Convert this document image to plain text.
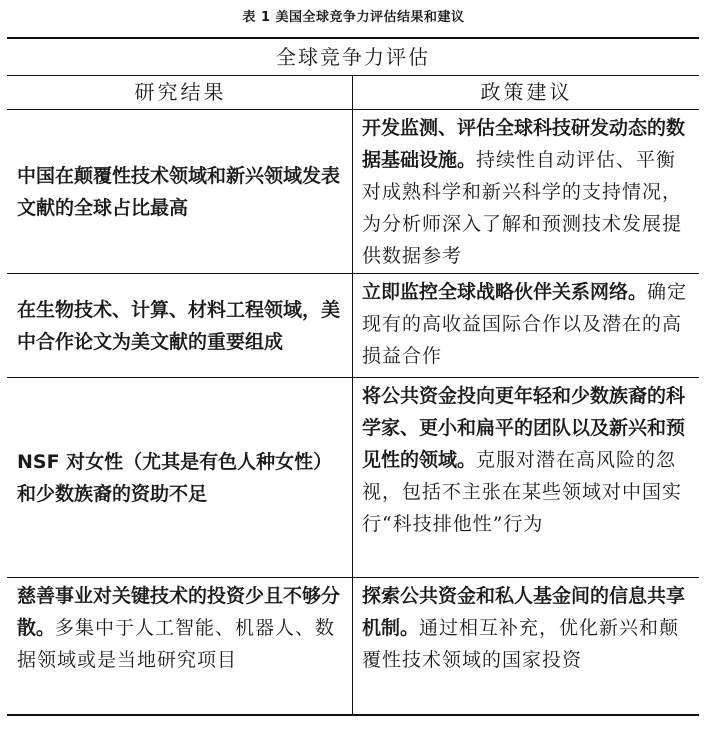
表 1 美国全球竞争力评估结果和建议
全球竞争力评估
研究结果	政策建议
中国在颠覆性技术领域和新兴领域发表文献的全球占比最高
开发监测、评估全球科技研发动态的数据基础设施。持续性自动评估、平衡对成熟科学和新兴科学的支持情况，为分析师深入了解和预测技术发展提供数据参考
在生物技术、计算、材料工程领域，美中合作论文为美文献的重要组成
立即监控全球战略伙伴关系网络。确定现有的高收益国际合作以及潜在的高损益合作
NSF 对女性（尤其是有色人种女性）和少数族裔的资助不足
将公共资金投向更年轻和少数族裔的科学家、更小和扁平的团队以及新兴和预见性的领域。克服对潜在高风险的忽视，包括不主张在某些领域对中国实行“科技排他性”行为
慈善事业对关键技术的投资少且不够分散。多集中于人工智能、机器人、数据领域或是当地研究项目
探索公共资金和私人基金间的信息共享机制。通过相互补充，优化新兴和颠覆性技术领域的国家投资
